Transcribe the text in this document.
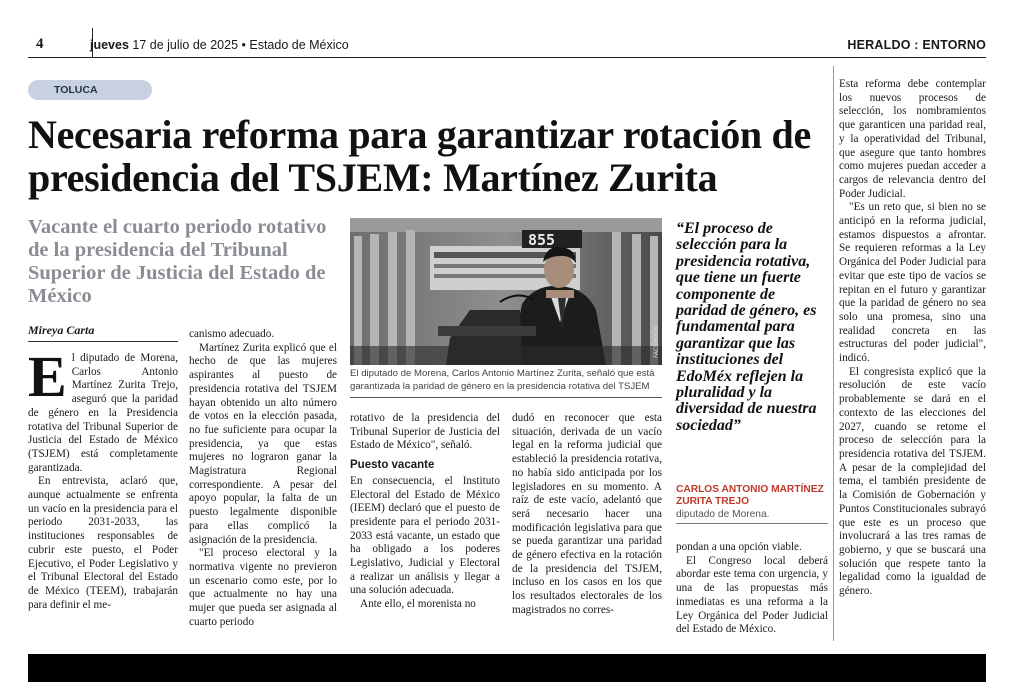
4	jueves 17 de julio de 2025 • Estado de México	HERALDO : ENTORNO
TOLUCA
Necesaria reforma para garantizar rotación de presidencia del TSJEM: Martínez Zurita
Vacante el cuarto periodo rotativo de la presidencia del Tribunal Superior de Justicia del Estado de México
Mireya Carta

El diputado de Morena, Carlos Antonio Martínez Zurita Trejo, aseguró que la paridad de género en la Presidencia rotativa del Tribunal Superior de Justicia del Estado de México (TSJEM) está completamente garantizada.

En entrevista, aclaró que, aunque actualmente se enfrenta un vacío en la presidencia para el periodo 2031-2033, las instituciones responsables de cubrir este puesto, el Poder Ejecutivo, el Poder Legislativo y el Tribunal Electoral del Estado de México (TEEM), trabajarán para definir el me-

canismo adecuado.

Martínez Zurita explicó que el hecho de que las mujeres aspirantes al puesto de presidencia rotativa del TSJEM hayan obtenido un alto número de votos en la elección pasada, no fue suficiente para ocupar la presidencia, ya que estas mujeres no lograron ganar la Magistratura Regional correspondiente. A pesar del apoyo popular, la falta de un puesto legalmente disponible para ellas complicó la asignación de la presidencia.

"El proceso electoral y la normativa vigente no previeron un escenario como este, por lo que actualmente no hay una mujer que pueda ser asignada al cuarto periodo

855
FACEBOOK
El diputado de Morena, Carlos Antonio Martínez Zurita, señaló que está garantizada la paridad de género en la presidencia rotativa del TSJEM

rotativo de la presidencia del Tribunal Superior de Justicia del Estado de México", señaló.

Puesto vacante

En consecuencia, el Instituto Electoral del Estado de México (IEEM) declaró que el puesto de presidente para el periodo 2031-2033 está vacante, un estado que ha obligado a los poderes Legislativo, Judicial y Electoral a realizar un análisis y llegar a una solución adecuada.

Ante ello, el morenista no

dudó en reconocer que esta situación, derivada de un vacío legal en la reforma judicial que estableció la presidencia rotativa, no había sido anticipada por los legisladores en su momento. A raíz de este vacío, adelantó que será necesario hacer una modificación legislativa para que se pueda garantizar una paridad de género efectiva en la rotación de la presidencia del TSJEM, incluso en los casos en los que los resultados electorales de los magistrados no corres-

“El proceso de selección para la presidencia rotativa, que tiene un fuerte componente de paridad de género, es fundamental para garantizar que las instituciones del EdoMéx reflejen la pluralidad y la diversidad de nuestra sociedad”
CARLOS ANTONIO MARTÍNEZ ZURITA TREJO
diputado de Morena.

pondan a una opción viable.

El Congreso local deberá abordar este tema con urgencia, y una de las propuestas más inmediatas es una reforma a la Ley Orgánica del Poder Judicial del Estado de México.

Esta reforma debe contemplar los nuevos procesos de selección, los nombramientos que garanticen una paridad real, y la operatividad del Tribunal, que asegure que tanto hombres como mujeres puedan acceder a cargos de relevancia dentro del Poder Judicial.

"Es un reto que, si bien no se anticipó en la reforma judicial, estamos dispuestos a afrontar. Se requieren reformas a la Ley Orgánica del Poder Judicial para evitar que este tipo de vacíos se repitan en el futuro y garantizar que la paridad de género no sea solo una promesa, sino una realidad concreta en las estructuras del poder judicial", indicó.

El congresista explicó que la resolución de este vacío probablemente se dará en el contexto de las elecciones del 2027, cuando se retome el proceso de selección para la presidencia rotativa del TSJEM. A pesar de la complejidad del tema, el también presidente de la Comisión de Gobernación y Puntos Constitucionales subrayó que este es un proceso que involucrará a las tres ramas de gobierno, y que se buscará una solución que respete tanto la legalidad como la igualdad de género.
